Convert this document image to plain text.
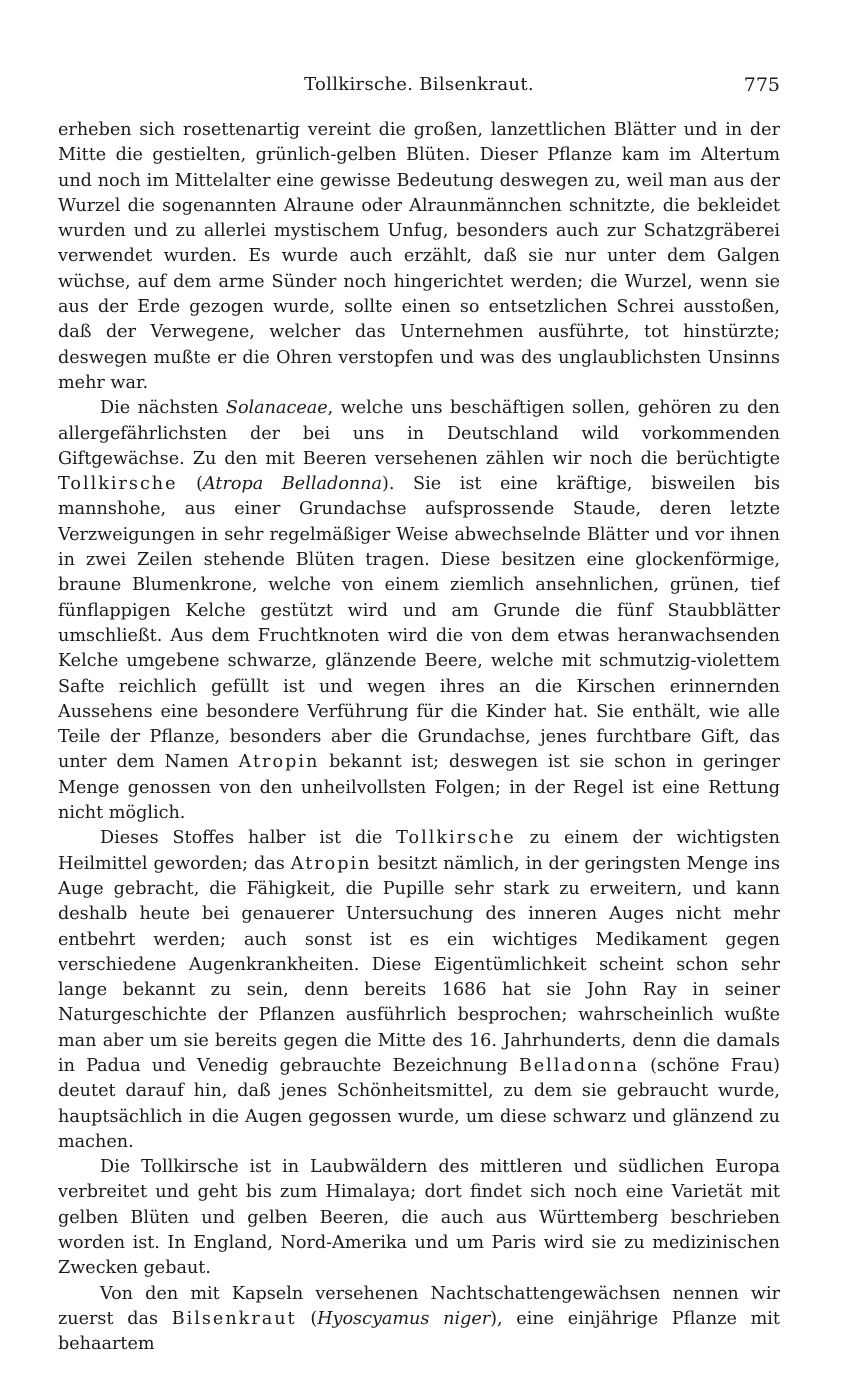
Tollkirsche. Bilsenkraut.	775

erheben sich rosettenartig vereint die großen, lanzettlichen Blätter und in der Mitte die gestielten, grünlich-gelben Blüten. Dieser Pflanze kam im Altertum und noch im Mittelalter eine gewisse Bedeutung deswegen zu, weil man aus der Wurzel die sogenannten Alraune oder Alraunmännchen schnitzte, die bekleidet wurden und zu allerlei mystischem Unfug, besonders auch zur Schatzgräberei verwendet wurden. Es wurde auch erzählt, daß sie nur unter dem Galgen wüchse, auf dem arme Sünder noch hingerichtet werden; die Wurzel, wenn sie aus der Erde gezogen wurde, sollte einen so entsetzlichen Schrei ausstoßen, daß der Verwegene, welcher das Unternehmen ausführte, tot hinstürzte; deswegen mußte er die Ohren verstopfen und was des unglaublichsten Unsinns mehr war.

Die nächsten Solanaceae, welche uns beschäftigen sollen, gehören zu den allergefährlichsten der bei uns in Deutschland wild vorkommenden Giftgewächse. Zu den mit Beeren versehenen zählen wir noch die berüchtigte Tollkirsche (Atropa Belladonna). Sie ist eine kräftige, bisweilen bis mannshohe, aus einer Grundachse aufsprossende Staude, deren letzte Verzweigungen in sehr regelmäßiger Weise abwechselnde Blätter und vor ihnen in zwei Zeilen stehende Blüten tragen. Diese besitzen eine glockenförmige, braune Blumenkrone, welche von einem ziemlich ansehnlichen, grünen, tief fünflappigen Kelche gestützt wird und am Grunde die fünf Staubblätter umschließt. Aus dem Fruchtknoten wird die von dem etwas heranwachsenden Kelche umgebene schwarze, glänzende Beere, welche mit schmutzig-violettem Safte reichlich gefüllt ist und wegen ihres an die Kirschen erinnernden Aussehens eine besondere Verführung für die Kinder hat. Sie enthält, wie alle Teile der Pflanze, besonders aber die Grundachse, jenes furchtbare Gift, das unter dem Namen Atropin bekannt ist; deswegen ist sie schon in geringer Menge genossen von den unheilvollsten Folgen; in der Regel ist eine Rettung nicht möglich.

Dieses Stoffes halber ist die Tollkirsche zu einem der wichtigsten Heilmittel geworden; das Atropin besitzt nämlich, in der geringsten Menge ins Auge gebracht, die Fähigkeit, die Pupille sehr stark zu erweitern, und kann deshalb heute bei genauerer Untersuchung des inneren Auges nicht mehr entbehrt werden; auch sonst ist es ein wichtiges Medikament gegen verschiedene Augenkrankheiten. Diese Eigentümlichkeit scheint schon sehr lange bekannt zu sein, denn bereits 1686 hat sie John Ray in seiner Naturgeschichte der Pflanzen ausführlich besprochen; wahrscheinlich wußte man aber um sie bereits gegen die Mitte des 16. Jahrhunderts, denn die damals in Padua und Venedig gebrauchte Bezeichnung Belladonna (schöne Frau) deutet darauf hin, daß jenes Schönheitsmittel, zu dem sie gebraucht wurde, hauptsächlich in die Augen gegossen wurde, um diese schwarz und glänzend zu machen.

Die Tollkirsche ist in Laubwäldern des mittleren und südlichen Europa verbreitet und geht bis zum Himalaya; dort findet sich noch eine Varietät mit gelben Blüten und gelben Beeren, die auch aus Württemberg beschrieben worden ist. In England, Nord-Amerika und um Paris wird sie zu medizinischen Zwecken gebaut.

Von den mit Kapseln versehenen Nachtschattengewächsen nennen wir zuerst das Bilsenkraut (Hyoscyamus niger), eine einjährige Pflanze mit behaartem
